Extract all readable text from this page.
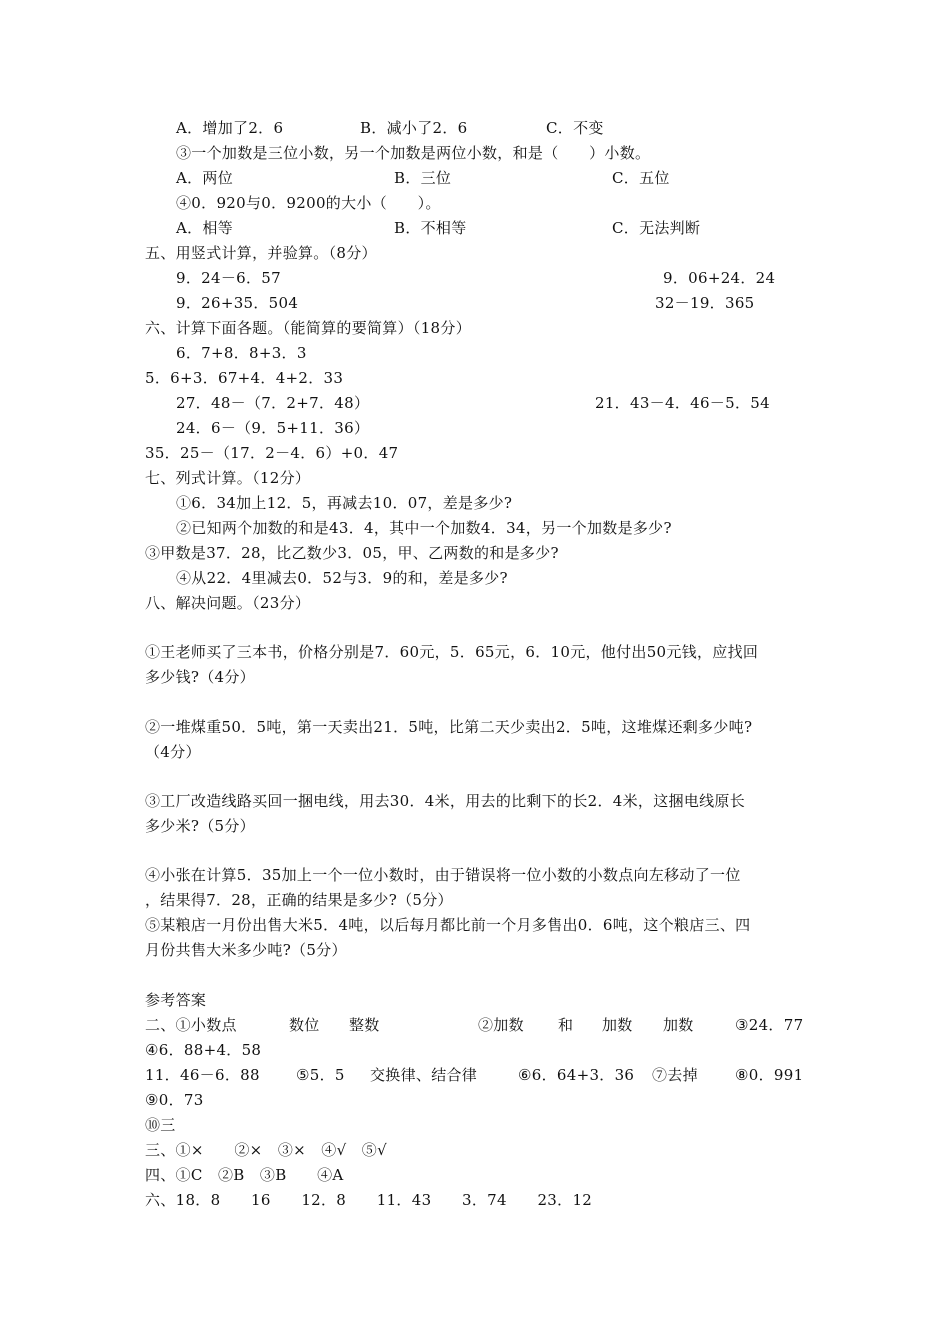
A．增加了2．6	B．减小了2．6	C．不变
③一个加数是三位小数，另一个加数是两位小数，和是（　　）小数。
A．两位	B．三位	C．五位
④0．920与0．9200的大小（　　）。
A．相等	B．不相等	C．无法判断
五、用竖式计算，并验算。（8分）
9．24－6．57	9．06+24．24
9．26+35．504	32－19．365
六、计算下面各题。（能简算的要简算）（18分）
6．7+8．8+3．3
5．6+3．67+4．4+2．33
27．48－（7．2+7．48）	21．43－4．46－5．54
24．6－（9．5+11．36）
35．25－（17．2－4．6）+0．47
七、列式计算。（12分）
①6．34加上12．5，再减去10．07，差是多少?
②已知两个加数的和是43．4，其中一个加数4．34，另一个加数是多少?
③甲数是37．28，比乙数少3．05，甲、乙两数的和是多少?
④从22．4里减去0．52与3．9的和，差是多少?
八、解决问题。（23分）
①王老师买了三本书，价格分别是7．60元，5．65元，6．10元，他付出50元钱，应找回
多少钱?（4分）
②一堆煤重50．5吨，第一天卖出21．5吨，比第二天少卖出2．5吨，这堆煤还剩多少吨?
（4分）
③工厂改造线路买回一捆电线，用去30．4米，用去的比剩下的长2．4米，这捆电线原长
多少米?（5分）
④小张在计算5．35加上一个一位小数时，由于错误将一位小数的小数点向左移动了一位
，结果得7．28，正确的结果是多少?（5分）
⑤某粮店一月份出售大米5．4吨，以后每月都比前一个月多售出0．6吨，这个粮店三、四
月份共售大米多少吨?（5分）
参考答案
二、①小数点	数位 整数	②加数 和 加数 加数	③24．77
④6．88+4．58
11．46－6．88 ⑤5．5 交换律、结合律	⑥6．64+3．36 ⑦去掉 ⑧0．991
⑨0．73
⑩三
三、①×　　②×　③×　④√　⑤√
四、①C　②B　③B　　④A
六、18．8　　16　　12．8　　11．43　　3．74　　23．12
